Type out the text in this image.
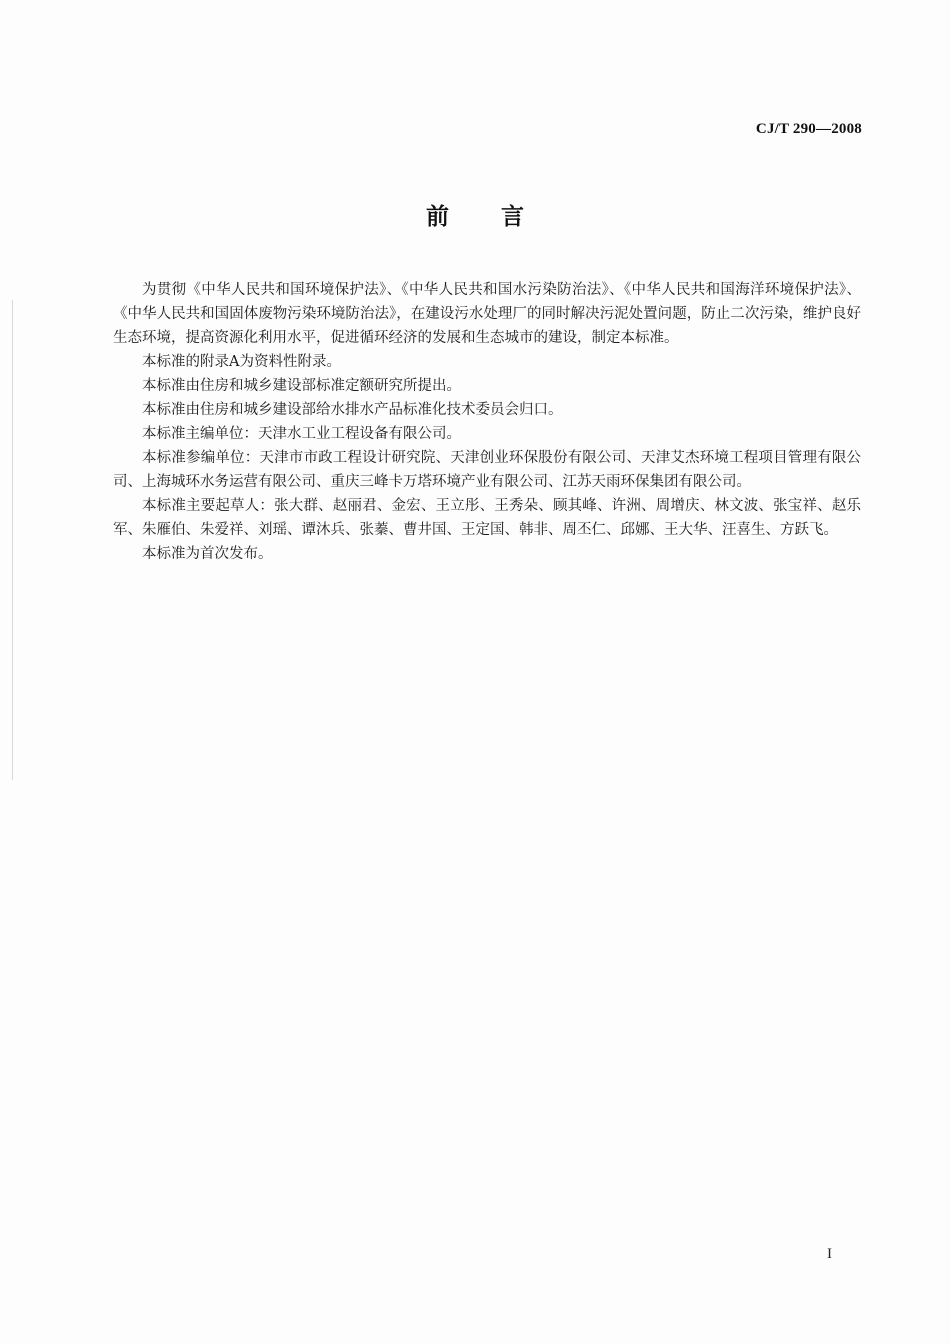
CJ/T 290—2008
前言

为贯彻《中华人民共和国环境保护法》、《中华人民共和国水污染防治法》、《中华人民共和国海洋环境保护法》、《中华人民共和国固体废物污染环境防治法》，在建设污水处理厂的同时解决污泥处置问题，防止二次污染，维护良好生态环境，提高资源化利用水平，促进循环经济的发展和生态城市的建设，制定本标准。

本标准的附录A为资料性附录。

本标准由住房和城乡建设部标准定额研究所提出。

本标准由住房和城乡建设部给水排水产品标准化技术委员会归口。

本标准主编单位：天津水工业工程设备有限公司。

本标准参编单位：天津市市政工程设计研究院、天津创业环保股份有限公司、天津艾杰环境工程项目管理有限公司、上海城环水务运营有限公司、重庆三峰卡万塔环境产业有限公司、江苏天雨环保集团有限公司。

本标准主要起草人：张大群、赵丽君、金宏、王立彤、王秀朵、顾其峰、许洲、周增庆、林文波、张宝祥、赵乐军、朱雁伯、朱爱祥、刘瑶、谭沐兵、张蓁、曹井国、王定国、韩非、周丕仁、邱娜、王大华、汪喜生、方跃飞。

本标准为首次发布。

I
